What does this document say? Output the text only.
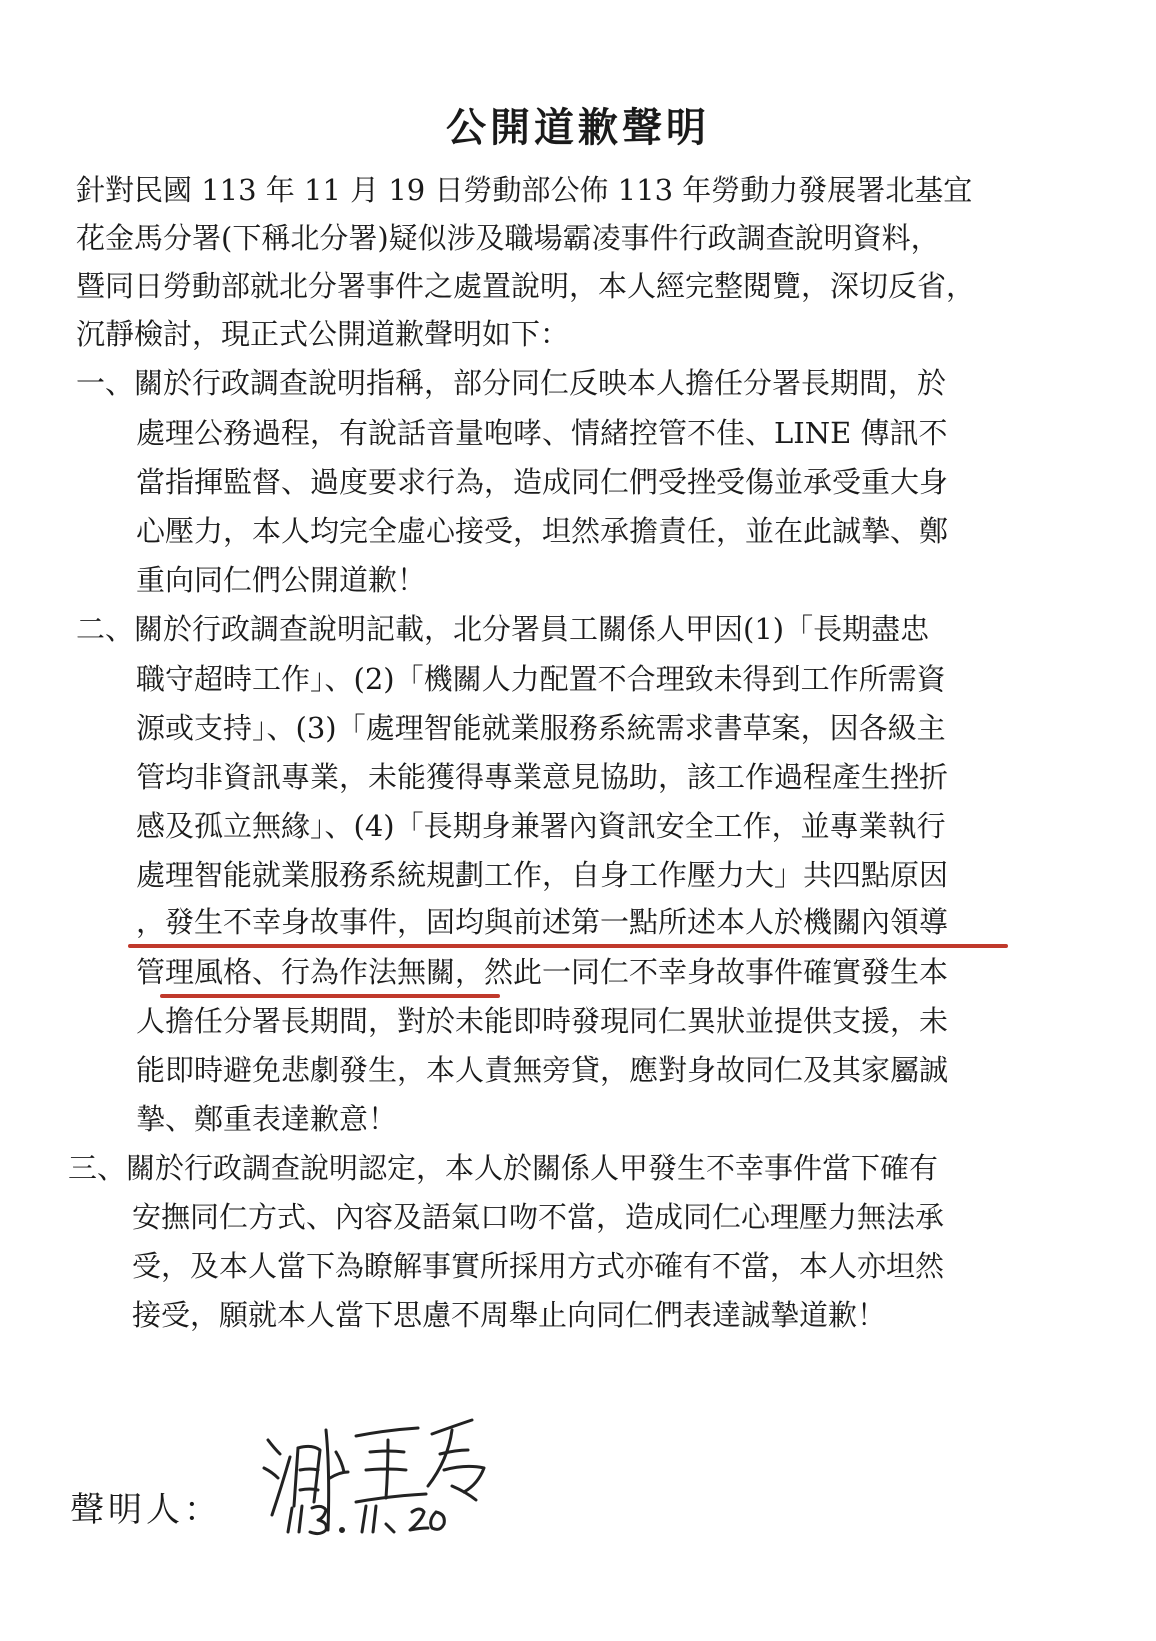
公開道歉聲明
針對民國 113 年 11 月 19 日勞動部公佈 113 年勞動力發展署北基宜
花金馬分署(下稱北分署)疑似涉及職場霸凌事件行政調查說明資料，
暨同日勞動部就北分署事件之處置說明，本人經完整閱覽，深切反省，
沉靜檢討，現正式公開道歉聲明如下：
一、關於行政調查說明指稱，部分同仁反映本人擔任分署長期間，於
處理公務過程，有說話音量咆哮、情緒控管不佳、LINE 傳訊不
當指揮監督、過度要求行為，造成同仁們受挫受傷並承受重大身
心壓力，本人均完全虛心接受，坦然承擔責任，並在此誠摯、鄭
重向同仁們公開道歉！
二、關於行政調查說明記載，北分署員工關係人甲因(1)「長期盡忠
職守超時工作」、(2)「機關人力配置不合理致未得到工作所需資
源或支持」、(3)「處理智能就業服務系統需求書草案，因各級主
管均非資訊專業，未能獲得專業意見協助，該工作過程產生挫折
感及孤立無緣」、(4)「長期身兼署內資訊安全工作，並專業執行
處理智能就業服務系統規劃工作，自身工作壓力大」共四點原因
，發生不幸身故事件，固均與前述第一點所述本人於機關內領導
管理風格、行為作法無關，然此一同仁不幸身故事件確實發生本
人擔任分署長期間，對於未能即時發現同仁異狀並提供支援，未
能即時避免悲劇發生，本人責無旁貸，應對身故同仁及其家屬誠
摯、鄭重表達歉意！
三、關於行政調查說明認定，本人於關係人甲發生不幸事件當下確有
安撫同仁方式、內容及語氣口吻不當，造成同仁心理壓力無法承
受，及本人當下為瞭解事實所採用方式亦確有不當，本人亦坦然
接受，願就本人當下思慮不周舉止向同仁們表達誠摯道歉！
聲明人：
